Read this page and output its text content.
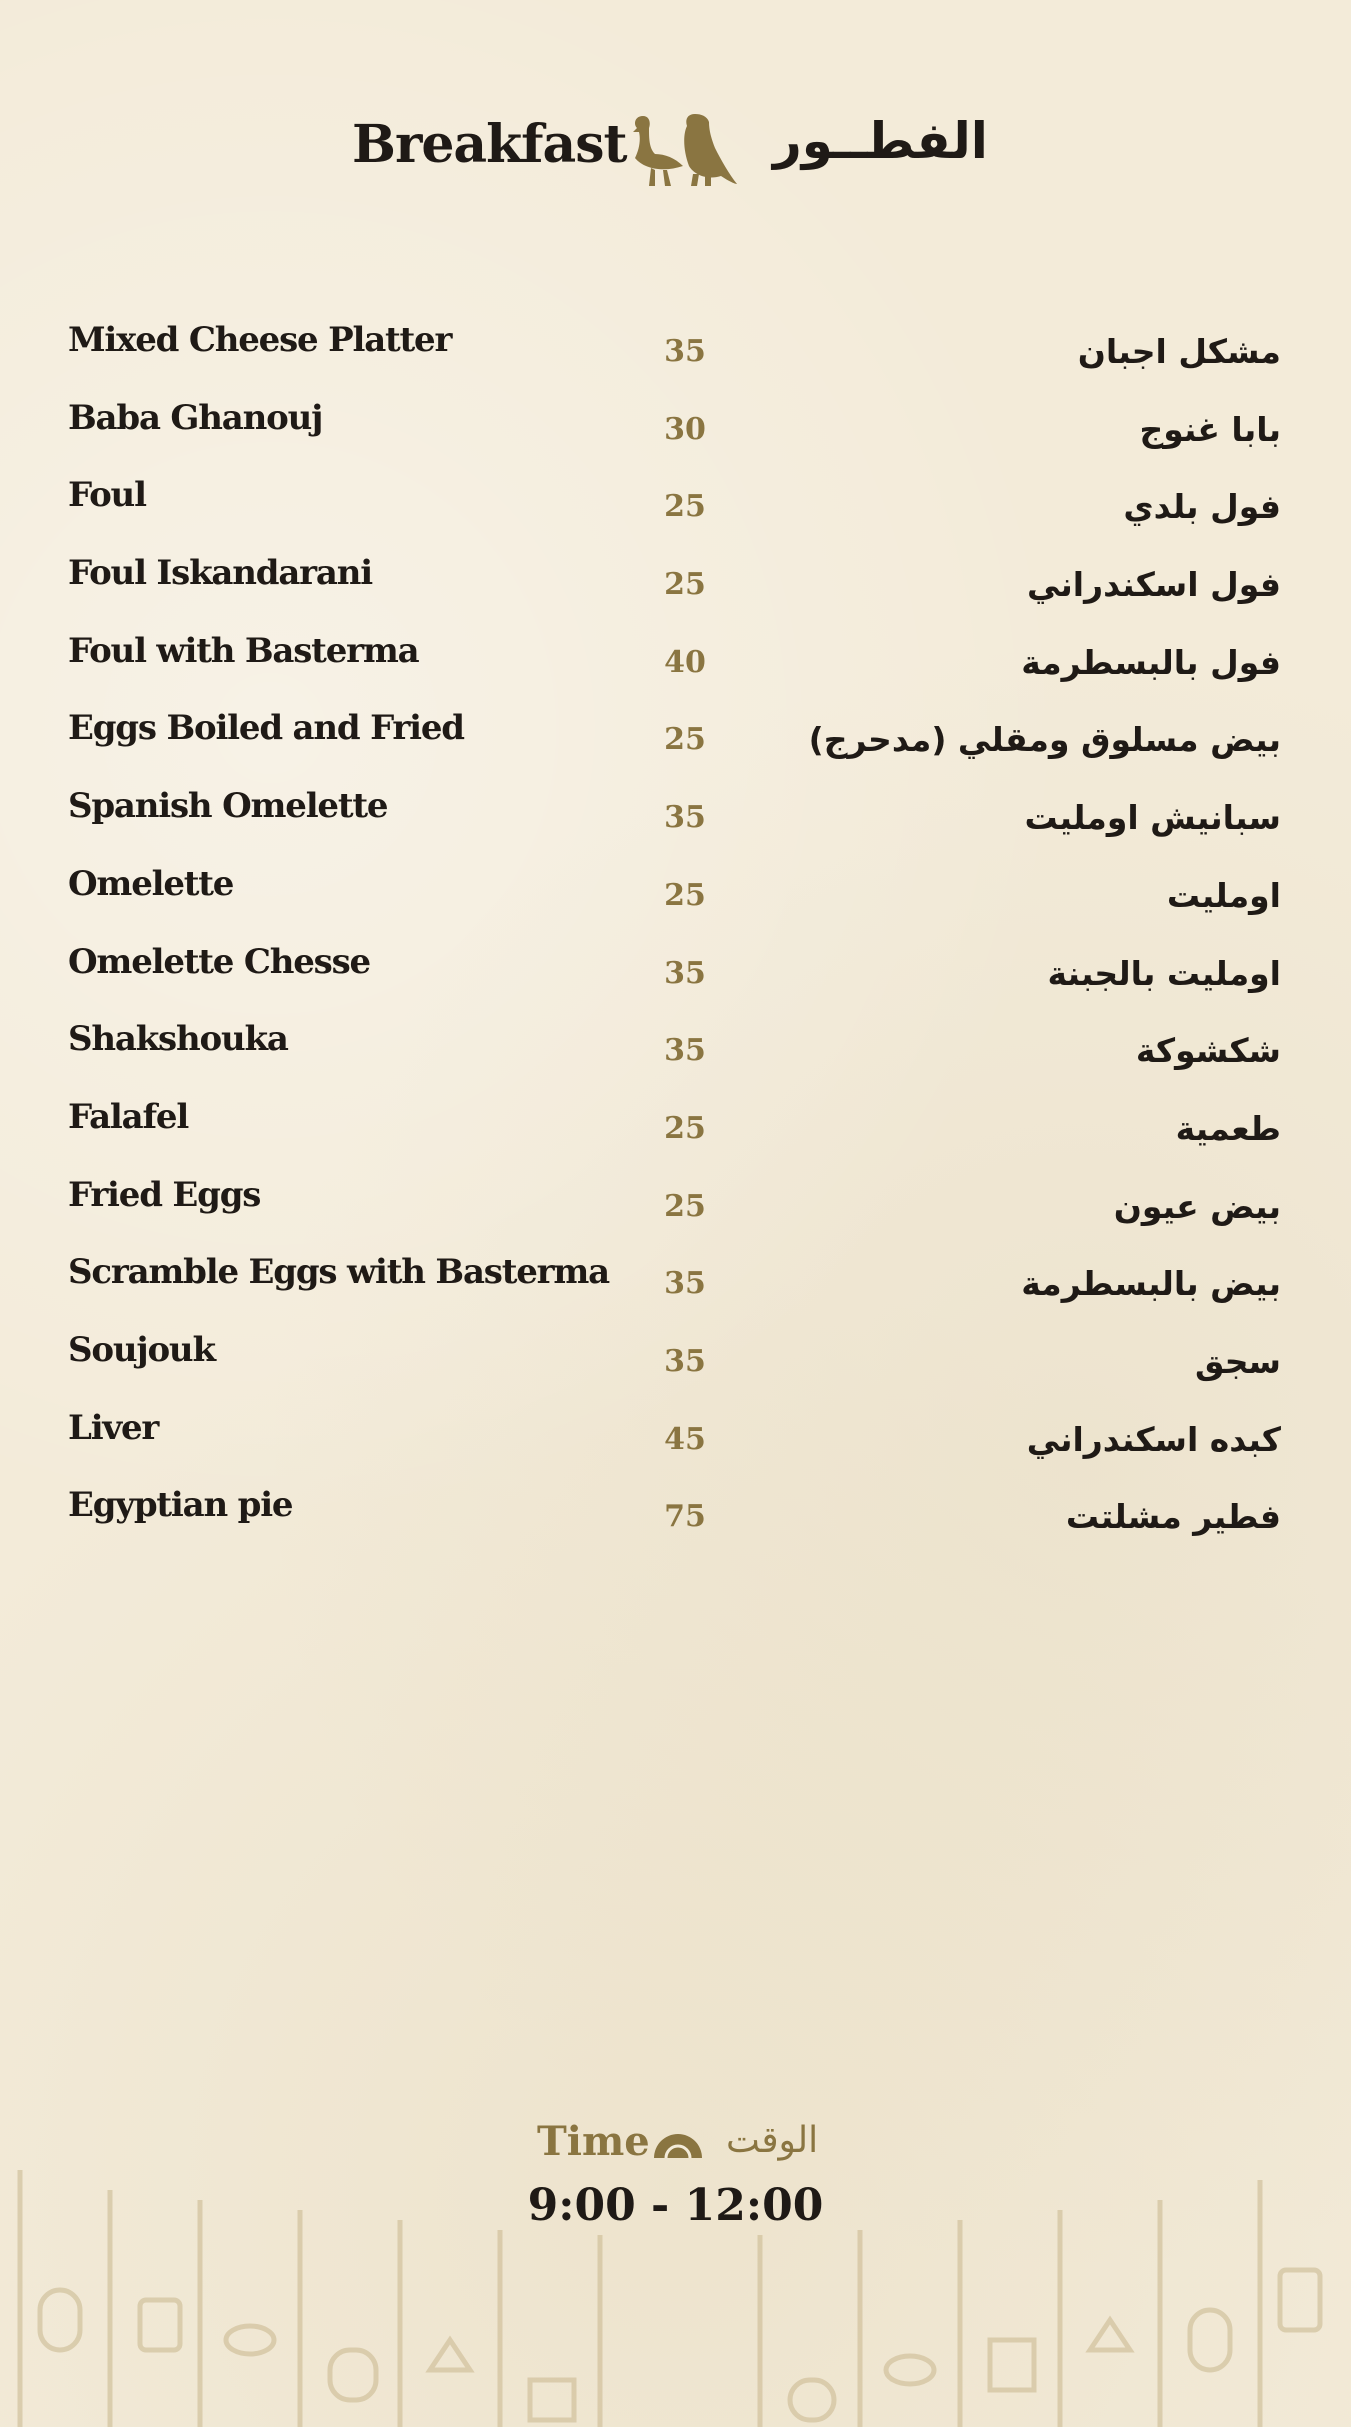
Breakfast	الفطــور
Mixed Cheese Platter	35	مشكل اجبان
Baba Ghanouj	30	بابا غنوج
Foul	25	فول بلدي
Foul Iskandarani	25	فول اسكندراني
Foul with Basterma	40	فول بالبسطرمة
Eggs Boiled and Fried	25	بيض مسلوق ومقلي (مدحرج)
Spanish Omelette	35	سبانيش اومليت
Omelette	25	اومليت
Omelette Chesse	35	اومليت بالجبنة
Shakshouka	35	شكشوكة
Falafel	25	طعمية
Fried Eggs	25	بيض عيون
Scramble Eggs with Basterma	35	بيض بالبسطرمة
Soujouk	35	سجق
Liver	45	كبده اسكندراني
Egyptian pie	75	فطير مشلتت
Time الوقت
9:00 - 12:00
